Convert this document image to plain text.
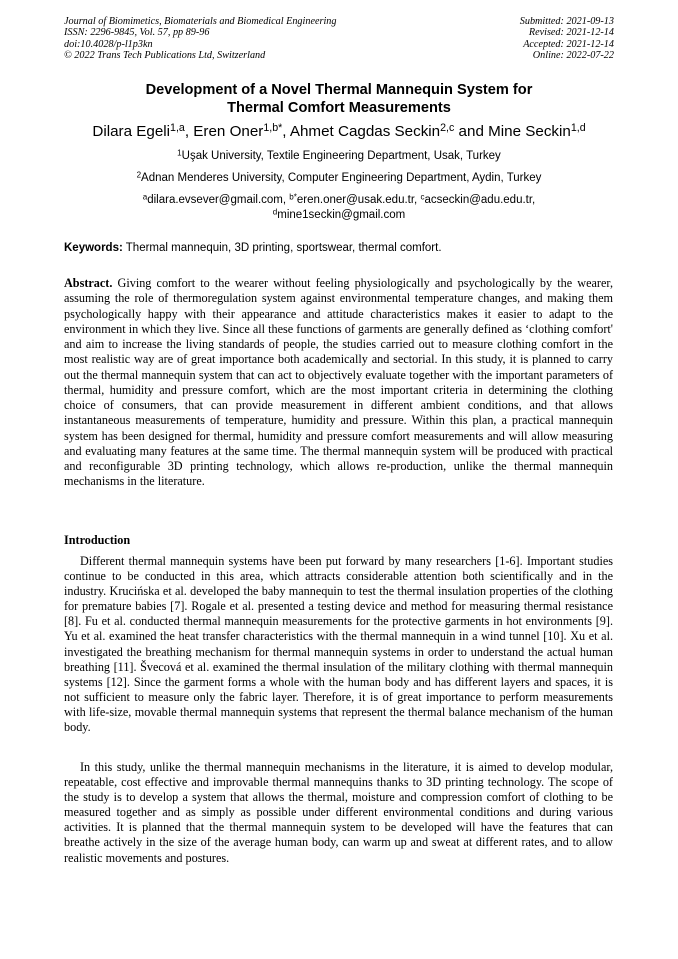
Journal of Biomimetics, Biomaterials and Biomedical Engineering
ISSN: 2296-9845, Vol. 57, pp 89-96
doi:10.4028/p-l1p3kn
© 2022 Trans Tech Publications Ltd, Switzerland
Submitted: 2021-09-13
Revised: 2021-12-14
Accepted: 2021-12-14
Online: 2022-07-22
Development of a Novel Thermal Mannequin System for
Thermal Comfort Measurements
Dilara Egeli$^{1,a}$, Eren Oner$^{1,b*}$, Ahmet Cagdas Seckin$^{2,c}$ and Mine Seckin$^{1,d}$
$^1$Uşak University, Textile Engineering Department, Usak, Turkey
$^2$Adnan Menderes University, Computer Engineering Department, Aydin, Turkey
$^a$dilara.evsever@gmail.com, $^{b*}$eren.oner@usak.edu.tr, $^c$acseckin@adu.edu.tr,
$^d$mine1seckin@gmail.com
Keywords: Thermal mannequin, 3D printing, sportswear, thermal comfort.
Abstract. Giving comfort to the wearer without feeling physiologically and psychologically by the wearer, assuming the role of thermoregulation system against environmental temperature changes, and making them psychologically happy with their appearance and attitude characteristics makes it easier to adapt to the environment in which they live. Since all these functions of garments are generally defined as ‘clothing comfort' and aim to increase the living standards of people, the studies carried out to measure clothing comfort in the most realistic way are of great importance both academically and sectorial. In this study, it is planned to carry out the thermal mannequin system that can act to objectively evaluate together with the important parameters of thermal, humidity and pressure comfort, which are the most important criteria in determining the clothing choice of consumers, that can provide measurement in different ambient conditions, and that allows instantaneous measurements of temperature, humidity and pressure. Within this plan, a practical mannequin system has been designed for thermal, humidity and pressure comfort measurements and will allow measuring and evaluating many features at the same time. The thermal mannequin system will be produced with practical and reconfigurable 3D printing technology, which allows re-production, unlike the thermal mannequin mechanisms in the literature.
Introduction
Different thermal mannequin systems have been put forward by many researchers [1-6]. Important studies continue to be conducted in this area, which attracts considerable attention both scientifically and in the industry. Krucińska et al. developed the baby mannequin to test the thermal insulation properties of the clothing for premature babies [7]. Rogale et al. presented a testing device and method for measuring thermal resistance [8]. Fu et al. conducted thermal mannequin measurements for the protective garments in hot environments [9]. Yu et al. examined the heat transfer characteristics with the thermal mannequin in a wind tunnel [10]. Xu et al. investigated the breathing mechanism for thermal mannequin systems in order to understand the actual human breathing [11]. Švecová et al. examined the thermal insulation of the military clothing with thermal mannequin systems [12]. Since the garment forms a whole with the human body and has different layers and spaces, it is not sufficient to measure only the fabric layer. Therefore, it is of great importance to perform measurements with life-size, movable thermal mannequin systems that represent the thermal balance mechanism of the human body.
In this study, unlike the thermal mannequin mechanisms in the literature, it is aimed to develop modular, repeatable, cost effective and improvable thermal mannequins thanks to 3D printing technology. The scope of the study is to develop a system that allows the thermal, moisture and compression comfort of clothing to be measured together and as simply as possible under different environmental conditions and during various activities. It is planned that the thermal mannequin system to be developed will have the features that can breathe actively in the size of the average human body, can warm up and sweat at different rates, and to allow realistic movements and postures.
